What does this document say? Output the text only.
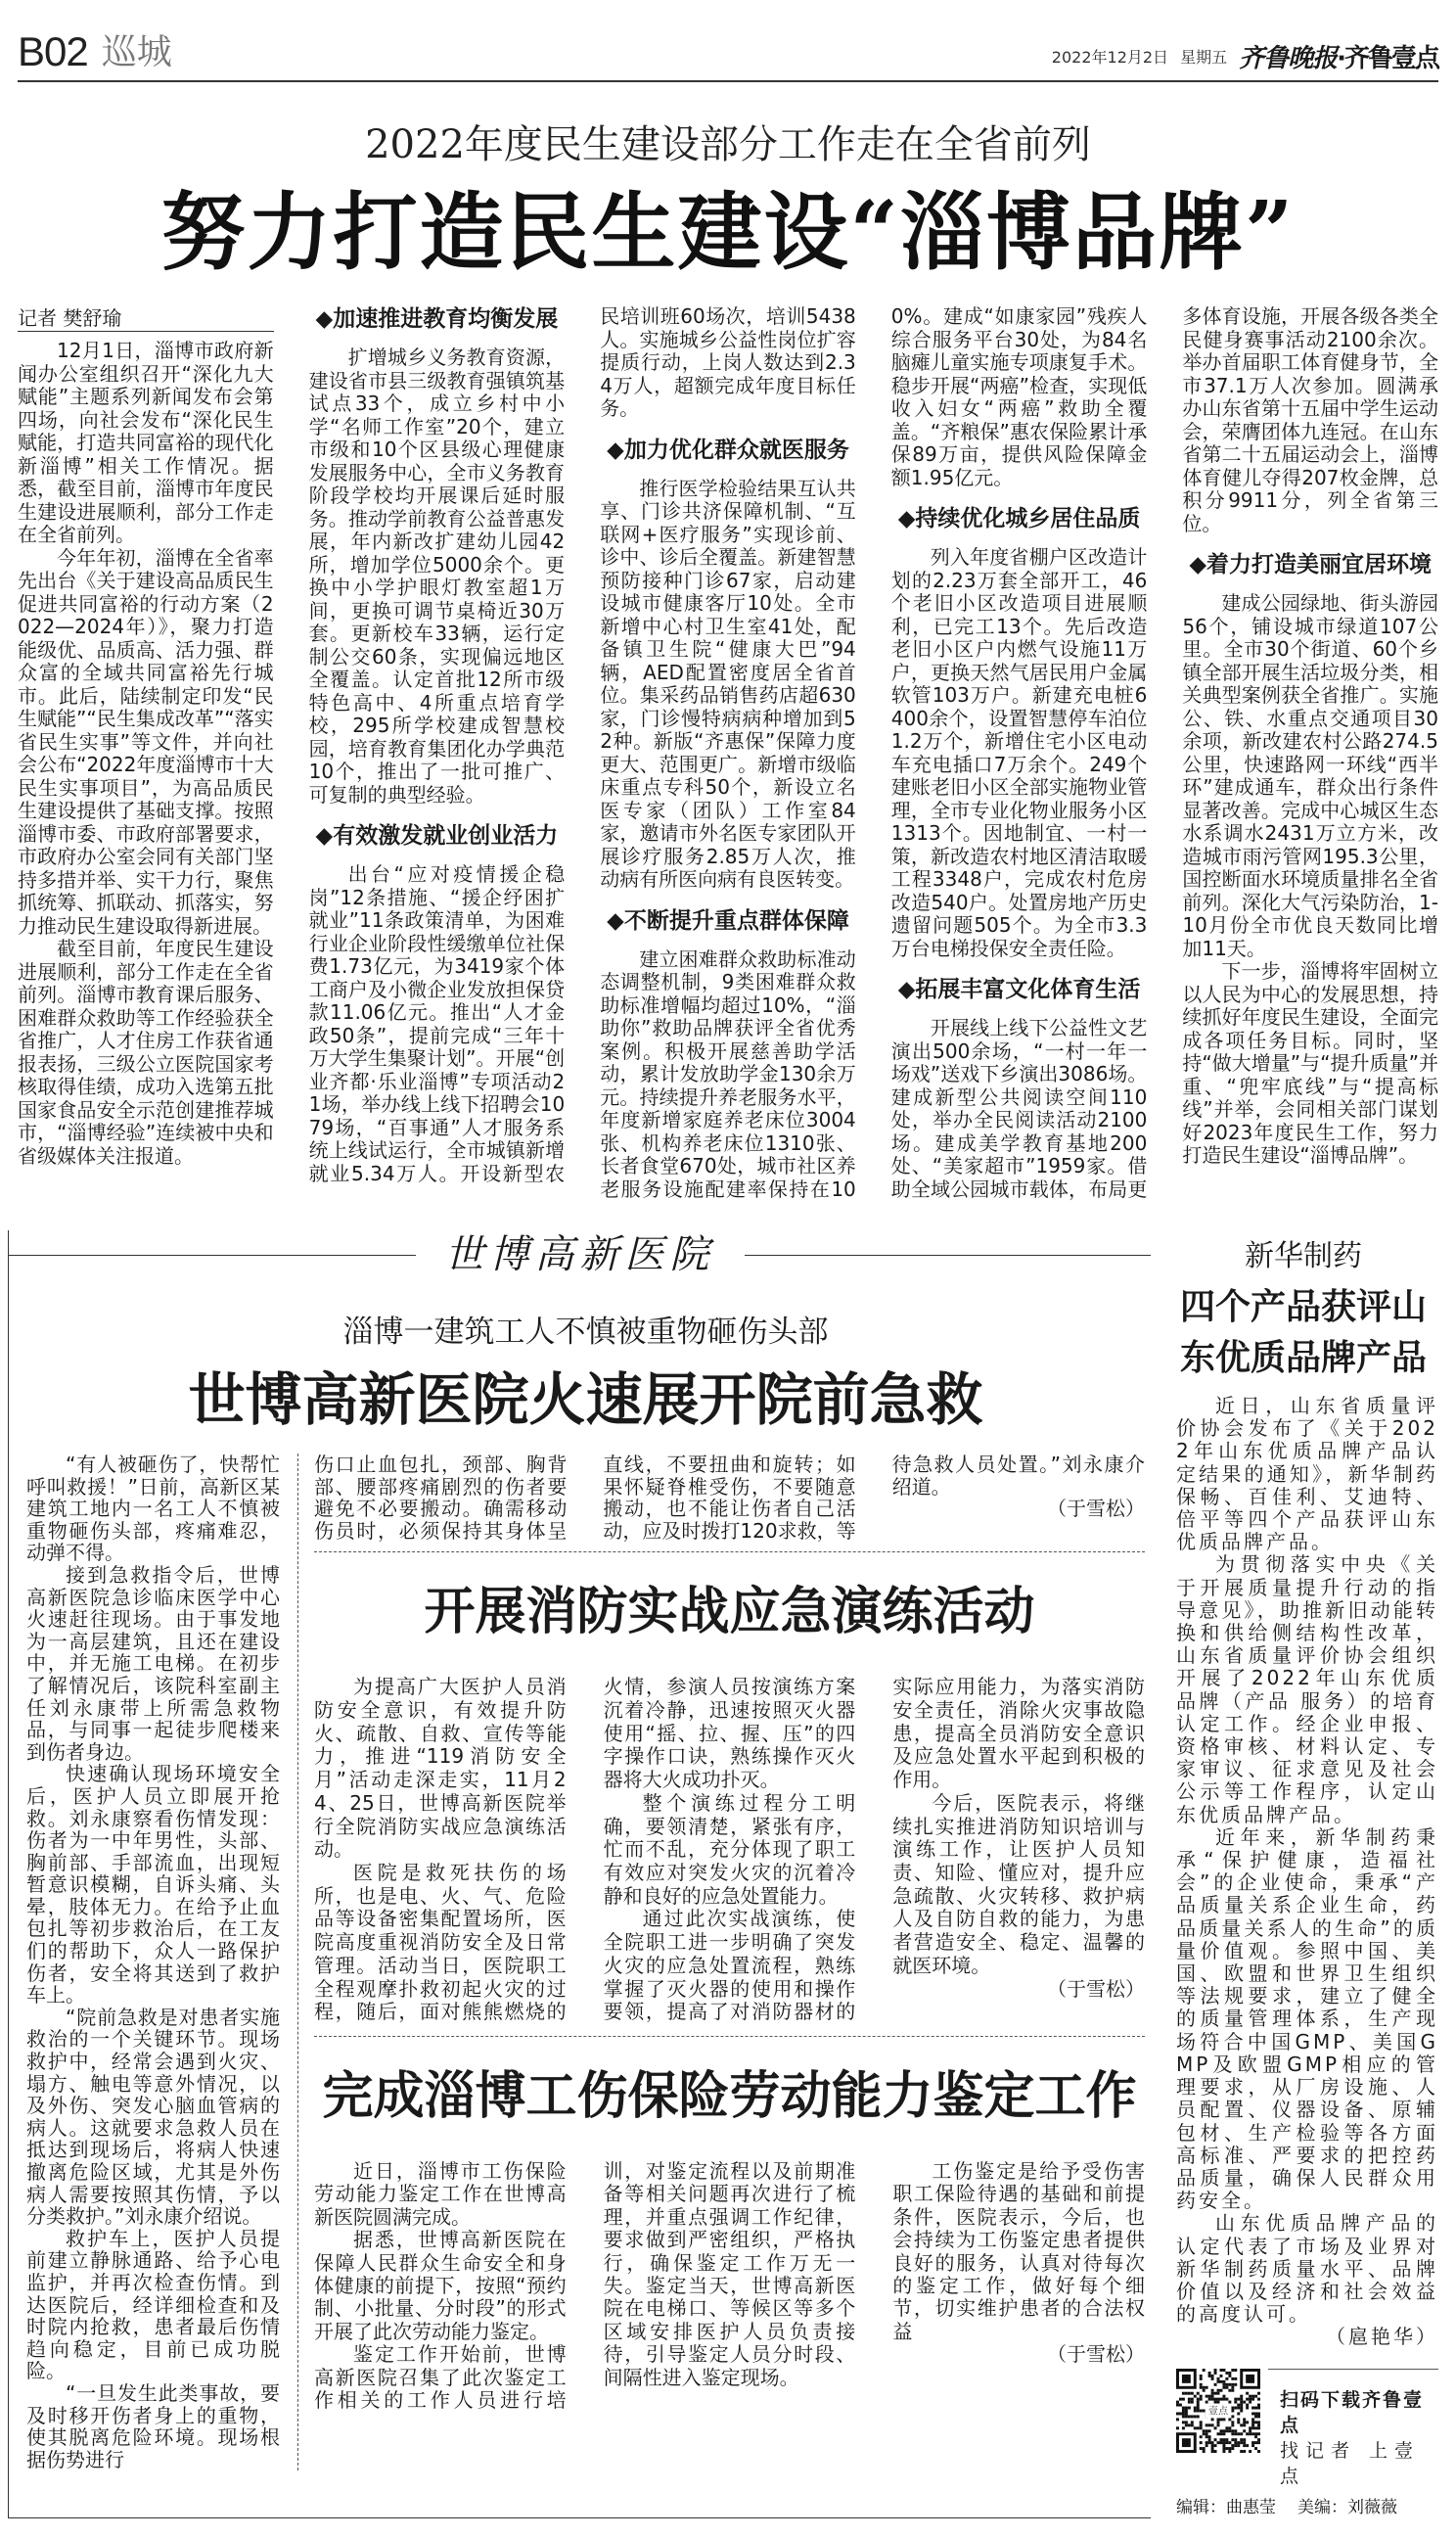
B02 巡城	2022年12月2日 星期五 齐鲁晚报·齐鲁壹点
2022年度民生建设部分工作走在全省前列
努力打造民生建设“淄博品牌”
记者 樊舒瑜

12月1日，淄博市政府新闻办公室组织召开“深化九大赋能”主题系列新闻发布会第四场，向社会发布“深化民生赋能，打造共同富裕的现代化新淄博”相关工作情况。据悉，截至目前，淄博市年度民生建设进展顺利，部分工作走在全省前列。

今年年初，淄博在全省率先出台《关于建设高品质民生促进共同富裕的行动方案（2022—2024年）》，聚力打造能级优、品质高、活力强、群众富的全域共同富裕先行城市。此后，陆续制定印发“民生赋能”“民生集成改革”“落实省民生实事”等文件，并向社会公布“2022年度淄博市十大民生实事项目”，为高品质民生建设提供了基础支撑。按照淄博市委、市政府部署要求，市政府办公室会同有关部门坚持多措并举、实干力行，聚焦抓统筹、抓联动、抓落实，努力推动民生建设取得新进展。

截至目前，年度民生建设进展顺利，部分工作走在全省前列。淄博市教育课后服务、困难群众救助等工作经验获全省推广，人才住房工作获省通报表扬，三级公立医院国家考核取得佳绩，成功入选第五批国家食品安全示范创建推荐城市，“淄博经验”连续被中央和省级媒体关注报道。

◆加速推进教育均衡发展

扩增城乡义务教育资源，建设省市县三级教育强镇筑基试点33个，成立乡村中小学“名师工作室”20个，建立市级和10个区县级心理健康发展服务中心，全市义务教育阶段学校均开展课后延时服务。推动学前教育公益普惠发展，年内新改扩建幼儿园42所，增加学位5000余个。更换中小学护眼灯教室超1万间，更换可调节桌椅近30万套。更新校车33辆，运行定制公交60条，实现偏远地区全覆盖。认定首批12所市级特色高中、4所重点培育学校，295所学校建成智慧校园，培育教育集团化办学典范10个，推出了一批可推广、可复制的典型经验。

◆有效激发就业创业活力

出台“应对疫情援企稳岗”12条措施、“援企纾困扩就业”11条政策清单，为困难行业企业阶段性缓缴单位社保费1.73亿元，为3419家个体工商户及小微企业发放担保贷款11.06亿元。推出“人才金政50条”，提前完成“三年十万大学生集聚计划”。开展“创业齐都·乐业淄博”专项活动21场，举办线上线下招聘会1079场，“百事通”人才服务系统上线试运行，全市城镇新增就业5.34万人。开设新型农民培训班60场次，培训5438人。实施城乡公益性岗位扩容提质行动，上岗人数达到2.34万人，超额完成年度目标任务。

◆加力优化群众就医服务

推行医学检验结果互认共享、门诊共济保障机制、“互联网+医疗服务”实现诊前、诊中、诊后全覆盖。新建智慧预防接种门诊67家，启动建设城市健康客厅10处。全市新增中心村卫生室41处，配备镇卫生院“健康大巴”94辆，AED配置密度居全省首位。集采药品销售药店超630家，门诊慢特病病种增加到52种。新版“齐惠保”保障力度更大、范围更广。新增市级临床重点专科50个，新设立名医专家（团队）工作室84家，邀请市外名医专家团队开展诊疗服务2.85万人次，推动病有所医向病有良医转变。

◆不断提升重点群体保障

建立困难群众救助标准动态调整机制，9类困难群众救助标准增幅均超过10%，“淄助你”救助品牌获评全省优秀案例。积极开展慈善助学活动，累计发放助学金130余万元。持续提升养老服务水平，年度新增家庭养老床位3004张、机构养老床位1310张、长者食堂670处，城市社区养老服务设施配建率保持在100%。建成“如康家园”残疾人综合服务平台30处，为84名脑瘫儿童实施专项康复手术。稳步开展“两癌”检查，实现低收入妇女“两癌”救助全覆盖。“齐粮保”惠农保险累计承保89万亩，提供风险保障金额1.95亿元。

◆持续优化城乡居住品质

列入年度省棚户区改造计划的2.23万套全部开工，46个老旧小区改造项目进展顺利，已完工13个。先后改造老旧小区户内燃气设施11万户，更换天然气居民用户金属软管103万户。新建充电桩6400余个，设置智慧停车泊位1.2万个，新增住宅小区电动车充电插口7万余个。249个建账老旧小区全部实施物业管理，全市专业化物业服务小区1313个。因地制宜、一村一策，新改造农村地区清洁取暖工程3348户，完成农村危房改造540户。处置房地产历史遗留问题505个。为全市3.3万台电梯投保安全责任险。

◆拓展丰富文化体育生活

开展线上线下公益性文艺演出500余场，“一村一年一场戏”送戏下乡演出3086场。建成新型公共阅读空间110处，举办全民阅读活动2100场。建成美学教育基地200处、“美家超市”1959家。借助全域公园城市载体，布局更多体育设施，开展各级各类全民健身赛事活动2100余次。举办首届职工体育健身节，全市37.1万人次参加。圆满承办山东省第十五届中学生运动会，荣膺团体九连冠。在山东省第二十五届运动会上，淄博体育健儿夺得207枚金牌，总积分9911分，列全省第三位。

◆着力打造美丽宜居环境

建成公园绿地、街头游园56个，铺设城市绿道107公里。全市30个街道、60个乡镇全部开展生活垃圾分类，相关典型案例获全省推广。实施公、铁、水重点交通项目30余项，新改建农村公路274.5公里，快速路网一环线“西半环”建成通车，群众出行条件显著改善。完成中心城区生态水系调水2431万立方米，改造城市雨污管网195.3公里，国控断面水环境质量排名全省前列。深化大气污染防治，1-10月份全市优良天数同比增加11天。

下一步，淄博将牢固树立以人民为中心的发展思想，持续抓好年度民生建设，全面完成各项任务目标。同时，坚持“做大增量”与“提升质量”并重、“兜牢底线”与“提高标线”并举，会同相关部门谋划好2023年度民生工作，努力打造民生建设“淄博品牌”。

世博高新医院
淄博一建筑工人不慎被重物砸伤头部
世博高新医院火速展开院前急救

“有人被砸伤了，快帮忙呼叫救援！”日前，高新区某建筑工地内一名工人不慎被重物砸伤头部，疼痛难忍，动弹不得。

接到急救指令后，世博高新医院急诊临床医学中心火速赶往现场。由于事发地为一高层建筑，且还在建设中，并无施工电梯。在初步了解情况后，该院科室副主任刘永康带上所需急救物品，与同事一起徒步爬楼来到伤者身边。

快速确认现场环境安全后，医护人员立即展开抢救。刘永康察看伤情发现：伤者为一中年男性，头部、胸前部、手部流血，出现短暂意识模糊，自诉头痛、头晕，肢体无力。在给予止血包扎等初步救治后，在工友们的帮助下，众人一路保护伤者，安全将其送到了救护车上。

“院前急救是对患者实施救治的一个关键环节。现场救护中，经常会遇到火灾、塌方、触电等意外情况，以及外伤、突发心脑血管病的病人。这就要求急救人员在抵达到现场后，将病人快速撤离危险区域，尤其是外伤病人需要按照其伤情，予以分类救护。”刘永康介绍说。

救护车上，医护人员提前建立静脉通路、给予心电监护，并再次检查伤情。到达医院后，经详细检查和及时院内抢救，患者最后伤情趋向稳定，目前已成功脱险。

“一旦发生此类事故，要及时移开伤者身上的重物，使其脱离危险环境。现场根据伤势进行

伤口止血包扎，颈部、胸背部、腰部疼痛剧烈的伤者要避免不必要搬动。确需移动伤员时，必须保持其身体呈直线，不要扭曲和旋转；如果怀疑脊椎受伤，不要随意搬动，也不能让伤者自己活动，应及时拨打120求救，等待急救人员处置。”刘永康介绍道。

（于雪松）

开展消防实战应急演练活动

为提高广大医护人员消防安全意识，有效提升防火、疏散、自救、宣传等能力，推进“119消防安全月”活动走深走实，11月24、25日，世博高新医院举行全院消防实战应急演练活动。

医院是救死扶伤的场所，也是电、火、气、危险品等设备密集配置场所，医院高度重视消防安全及日常管理。活动当日，医院职工全程观摩扑救初起火灾的过程，随后，面对熊熊燃烧的火情，参演人员按演练方案沉着冷静，迅速按照灭火器使用“摇、拉、握、压”的四字操作口诀，熟练操作灭火器将大火成功扑灭。

整个演练过程分工明确，要领清楚，紧张有序，忙而不乱，充分体现了职工有效应对突发火灾的沉着冷静和良好的应急处置能力。

通过此次实战演练，使全院职工进一步明确了突发火灾的应急处置流程，熟练掌握了灭火器的使用和操作要领，提高了对消防器材的实际应用能力，为落实消防安全责任，消除火灾事故隐患，提高全员消防安全意识及应急处置水平起到积极的作用。

今后，医院表示，将继续扎实推进消防知识培训与演练工作，让医护人员知责、知险、懂应对，提升应急疏散、火灾转移、救护病人及自防自救的能力，为患者营造安全、稳定、温馨的就医环境。

（于雪松）

完成淄博工伤保险劳动能力鉴定工作

近日，淄博市工伤保险劳动能力鉴定工作在世博高新医院圆满完成。

据悉，世博高新医院在保障人民群众生命安全和身体健康的前提下，按照“预约制、小批量、分时段”的形式开展了此次劳动能力鉴定。

鉴定工作开始前，世博高新医院召集了此次鉴定工作相关的工作人员进行培训，对鉴定流程以及前期准备等相关问题再次进行了梳理，并重点强调工作纪律，要求做到严密组织，严格执行，确保鉴定工作万无一失。鉴定当天，世博高新医院在电梯口、等候区等多个区域安排医护人员负责接待，引导鉴定人员分时段、间隔性进入鉴定现场。

工伤鉴定是给予受伤害职工保险待遇的基础和前提条件，医院表示，今后，也会持续为工伤鉴定患者提供良好的服务，认真对待每次的鉴定工作，做好每个细节，切实维护患者的合法权益

（于雪松）

新华制药
四个产品获评山
东优质品牌产品

近日，山东省质量评价协会发布了《关于2022年山东优质品牌产品认定结果的通知》，新华制药保畅、百佳利、艾迪特、倍平等四个产品获评山东优质品牌产品。

为贯彻落实中央《关于开展质量提升行动的指导意见》，助推新旧动能转换和供给侧结构性改革，山东省质量评价协会组织开展了2022年山东优质品牌（产品 服务）的培育认定工作。经企业申报、资格审核、材料认定、专家审议、征求意见及社会公示等工作程序，认定山东优质品牌产品。

近年来，新华制药秉承“保护健康，造福社会”的企业使命，秉承“产品质量关系企业生命，药品质量关系人的生命”的质量价值观。参照中国、美国、欧盟和世界卫生组织等法规要求，建立了健全的质量管理体系，生产现场符合中国GMP、美国GMP及欧盟GMP相应的管理要求，从厂房设施、人员配置、仪器设备、原辅包材、生产检验等各方面高标准、严要求的把控药品质量，确保人民群众用药安全。

山东优质品牌产品的认定代表了市场及业界对新华制药质量水平、品牌价值以及经济和社会效益的高度认可。

（扈艳华）

壹点
扫码下载齐鲁壹点
找记者 上壹点
编辑：曲惠莹 美编：刘薇薇
